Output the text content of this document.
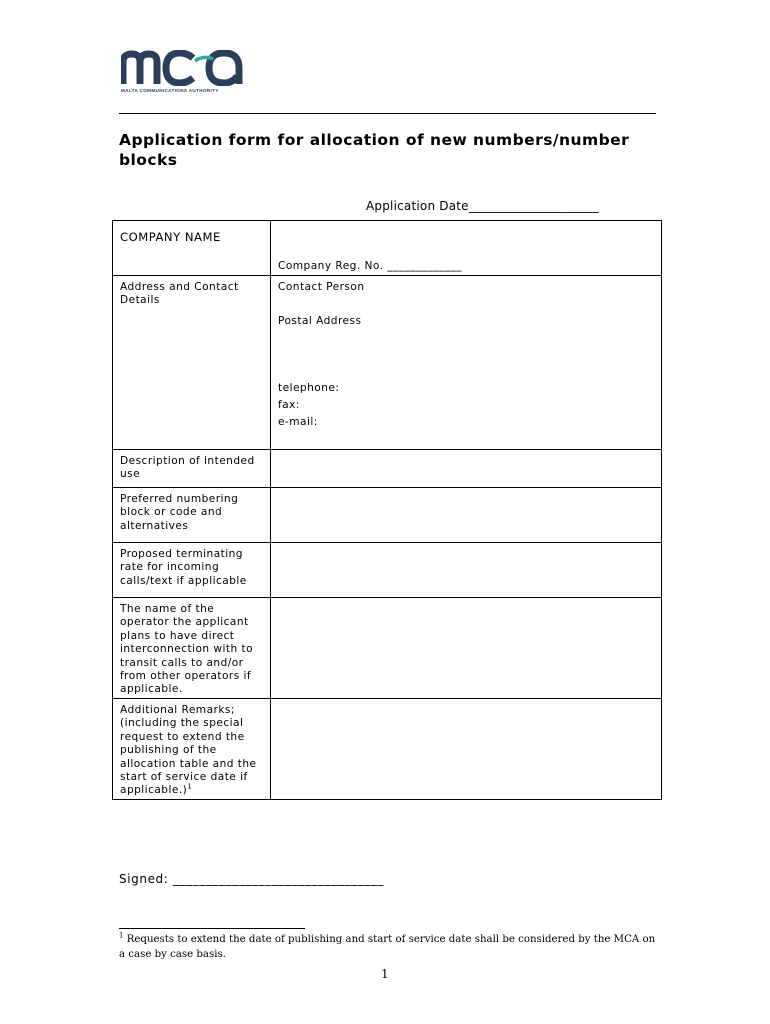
MALTA COMMUNICATIONS AUTHORITY
Application form for allocation of new numbers/number blocks
Application Date_____________________
COMPANY NAME	Company Reg. No. _____________

Address and Contact Details	Contact Person
Postal Address
telephone:
fax:
e-mail:

Description of intended use	

Preferred numbering block or code and alternatives	

Proposed terminating rate for incoming calls/text if applicable	

The name of the operator the applicant plans to have direct interconnection with to transit calls to and/or from other operators if applicable.	

Additional Remarks; (including the special request to extend the publishing of the allocation table and the start of service date if applicable.)$^1$

Signed: ________________________________
$^1$ Requests to extend the date of publishing and start of service date shall be considered by the MCA on a case by case basis.
1
